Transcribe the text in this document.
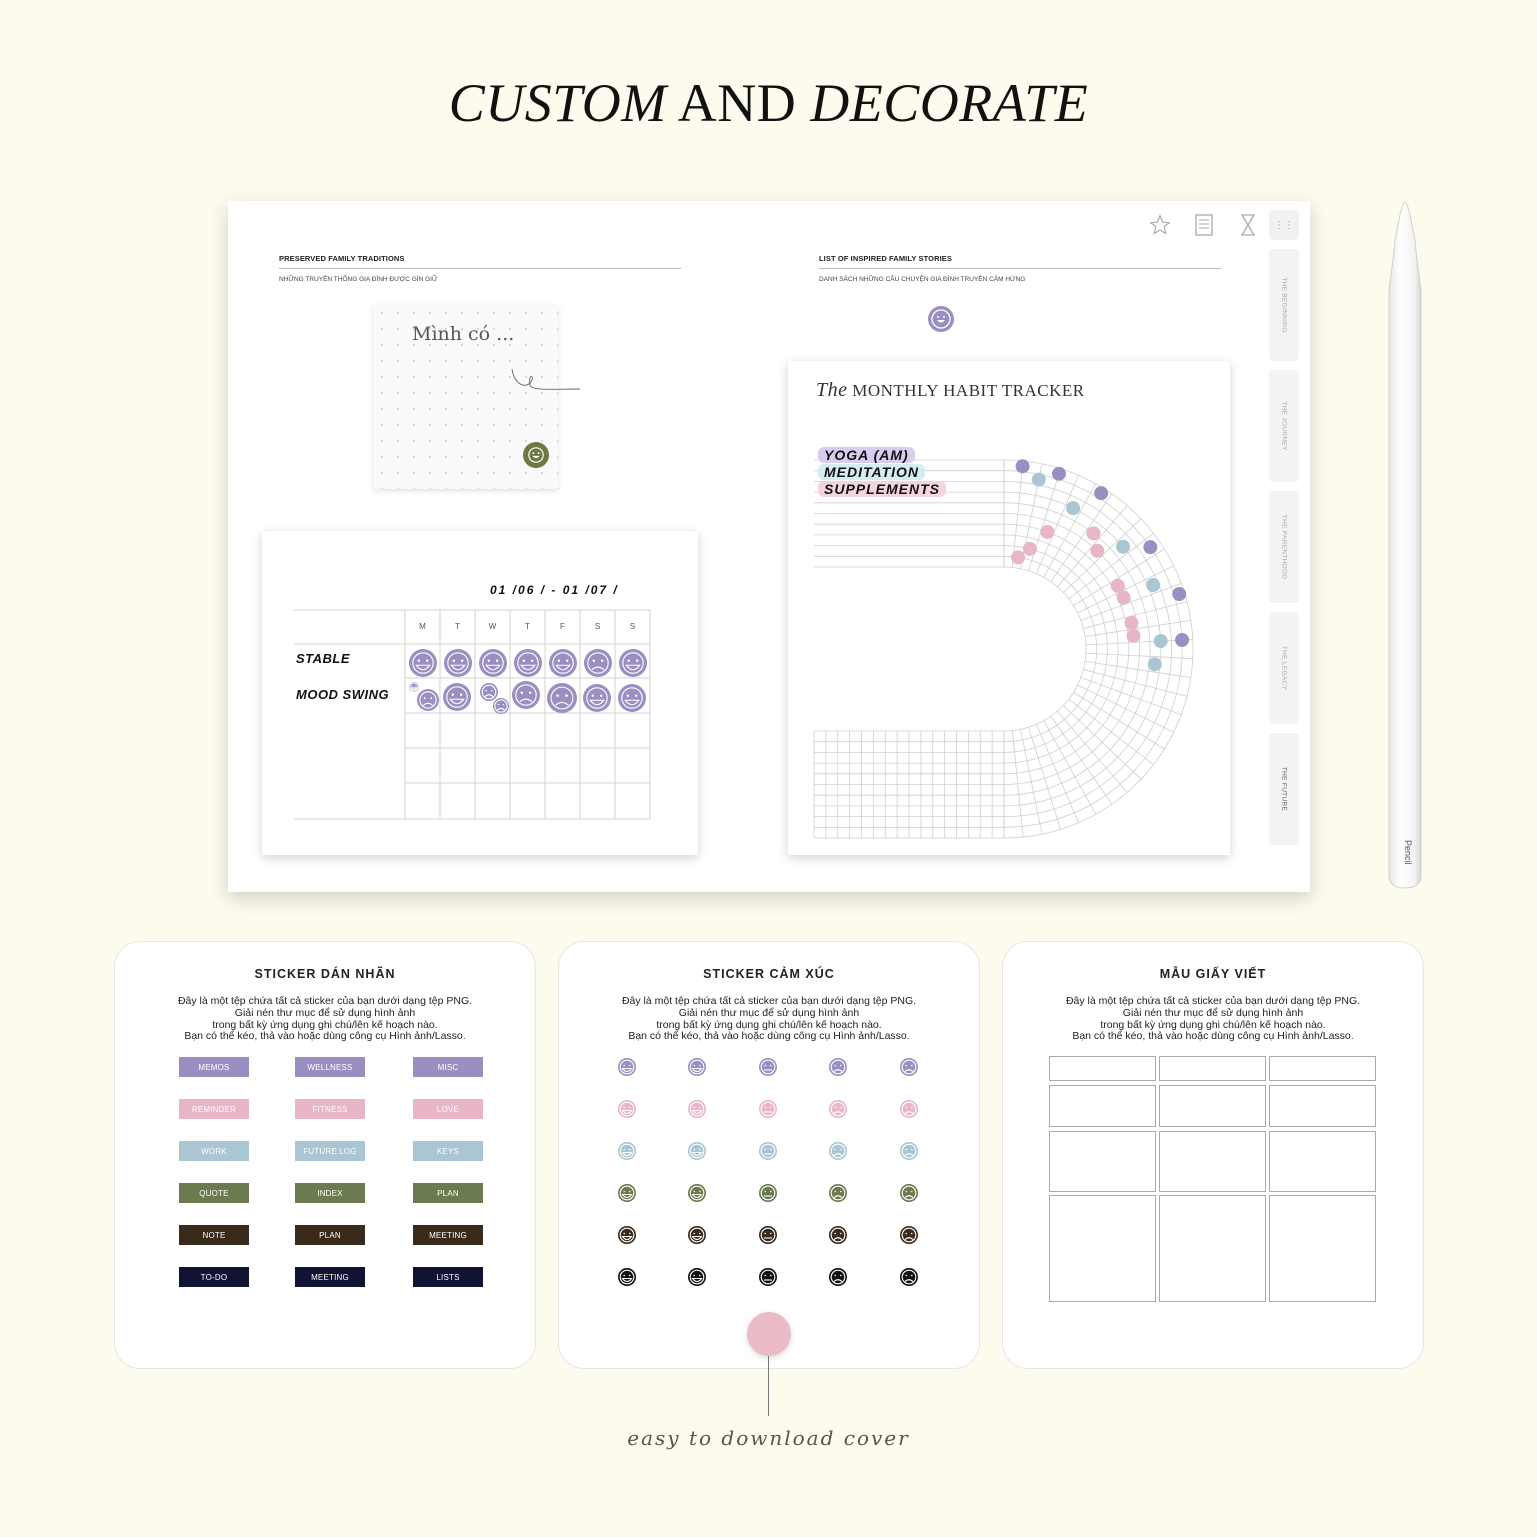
CUSTOM AND DECORATE
PRESERVED FAMILY TRADITIONS
NHỮNG TRUYỀN THỐNG GIA ĐÌNH ĐƯỢC GÌN GIỮ
LIST OF INSPIRED FAMILY STORIES
DANH SÁCH NHỮNG CÂU CHUYỆN GIA ĐÌNH TRUYỀN CẢM HỨNG
⋮⋮
THE BEGINNING
THE JOURNEY
THE PARENTHOOD
THE LEGACY
THE FUTURE
Mình có ...
01 /06 / - 01 /07 /
M	T	W	T	F	S	S
STABLE
MOOD SWING
The MONTHLY HABIT TRACKER
YOGA (AM)
MEDITATION
SUPPLEMENTS
Pencil
STICKER DÁN NHÃN
Đây là một tệp chứa tất cả sticker của bạn dưới dạng tệp PNG.
Giải nén thư mục để sử dụng hình ảnh
trong bất kỳ ứng dụng ghi chú/lên kế hoạch nào.
Bạn có thể kéo, thả vào hoặc dùng công cụ Hình ảnh/Lasso.
MEMOS	WELLNESS	MISC
REMINDER	FITNESS	LOVE
WORK	FUTURE LOG	KEYS
QUOTE	INDEX	PLAN
NOTE	PLAN	MEETING
TO-DO	MEETING	LISTS
STICKER CẢM XÚC
Đây là một tệp chứa tất cả sticker của bạn dưới dạng tệp PNG.
Giải nén thư mục để sử dụng hình ảnh
trong bất kỳ ứng dụng ghi chú/lên kế hoạch nào.
Bạn có thể kéo, thả vào hoặc dùng công cụ Hình ảnh/Lasso.
MẪU GIẤY VIẾT
Đây là một tệp chứa tất cả sticker của bạn dưới dạng tệp PNG.
Giải nén thư mục để sử dụng hình ảnh
trong bất kỳ ứng dụng ghi chú/lên kế hoạch nào.
Bạn có thể kéo, thả vào hoặc dùng công cụ Hình ảnh/Lasso.
easy to download cover
